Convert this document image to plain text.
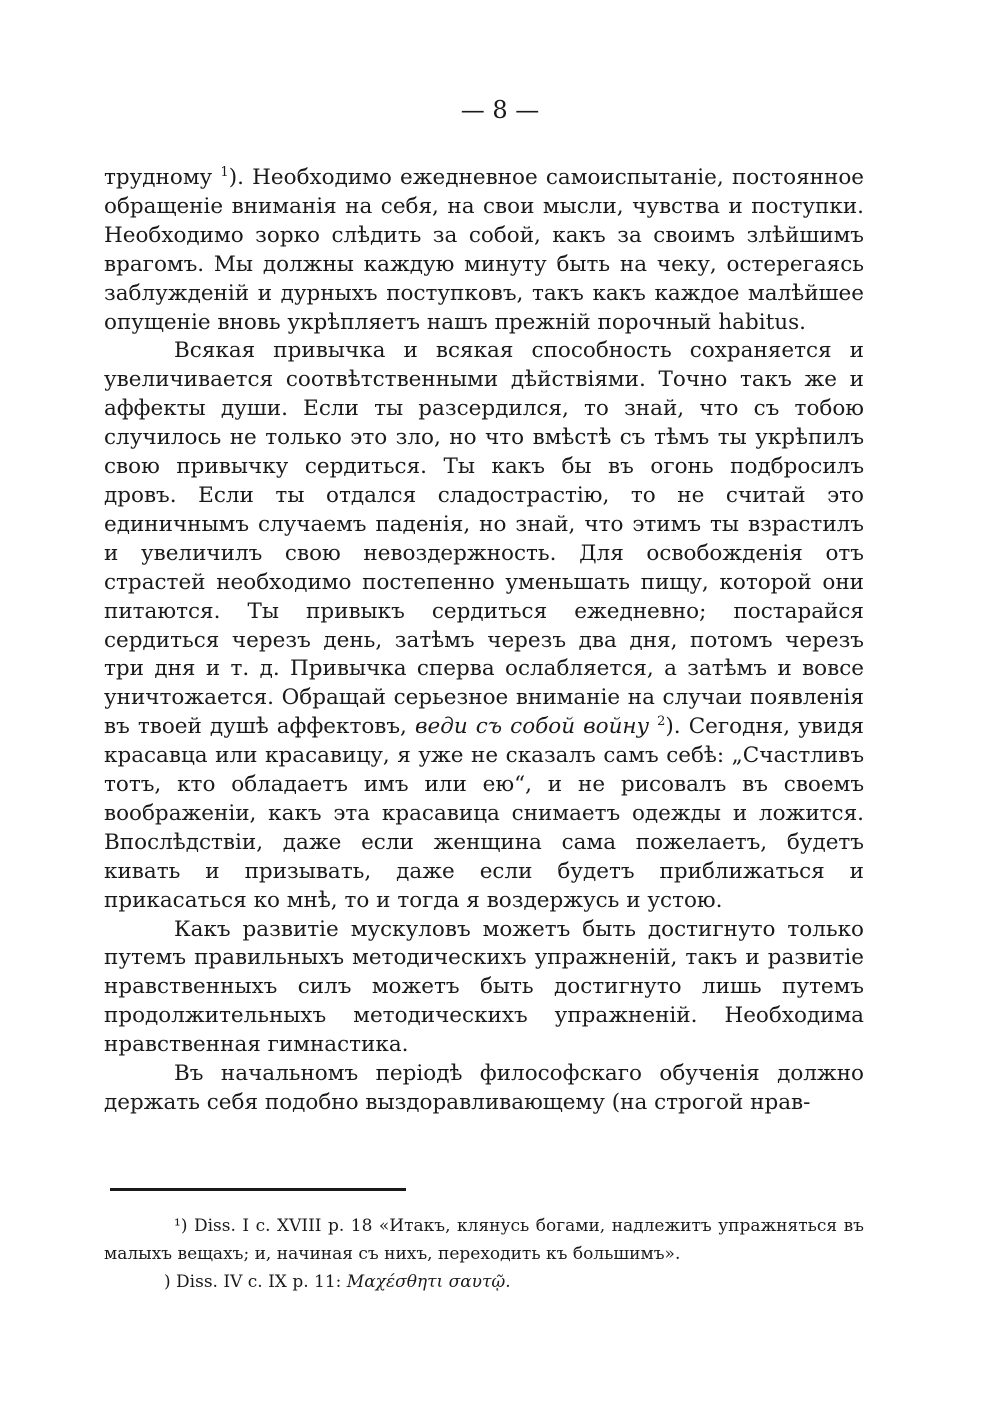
— 8 —

трудному $^1$). Необходимо ежедневное самоиспытаніе, постоянное обращеніе вниманія на себя, на свои мысли, чувства и поступки. Необходимо зорко слѣдить за собой, какъ за своимъ злѣйшимъ врагомъ. Мы должны каждую минуту быть на чеку, остерегаясь заблужденій и дурныхъ поступковъ, такъ какъ каждое малѣйшее опущеніе вновь укрѣпляетъ нашъ прежній порочный habitus.

Всякая привычка и всякая способность сохраняется и увеличивается соотвѣтственными дѣйствіями. Точно такъ же и аффекты души. Если ты разсердился, то знай, что съ тобою случилось не только это зло, но что вмѣстѣ съ тѣмъ ты укрѣпилъ свою привычку сердиться. Ты какъ бы въ огонь подбросилъ дровъ. Если ты отдался сладострастію, то не считай это единичнымъ случаемъ паденія, но знай, что этимъ ты взрастилъ и увеличилъ свою невоздержность. Для освобожденія отъ страстей необходимо постепенно уменьшать пищу, которой они питаются. Ты привыкъ сердиться ежедневно; постарайся сердиться черезъ день, затѣмъ черезъ два дня, потомъ черезъ три дня и т. д. Привычка сперва ослабляется, а затѣмъ и вовсе уничтожается. Обращай серьезное вниманіе на случаи появленія въ твоей душѣ аффектовъ, веди съ собой войну $^2$). Сегодня, увидя красавца или красавицу, я уже не сказалъ самъ себѣ: „Счастливъ тотъ, кто обладаетъ имъ или ею“, и не рисовалъ въ своемъ воображеніи, какъ эта красавица снимаетъ одежды и ложится. Впослѣдствіи, даже если женщина сама пожелаетъ, будетъ кивать и призывать, даже если будетъ приближаться и прикасаться ко мнѣ, то и тогда я воздержусь и устою.

Какъ развитіе мускуловъ можетъ быть достигнуто только путемъ правильныхъ методическихъ упражненій, такъ и развитіе нравственныхъ силъ можетъ быть достигнуто лишь путемъ продолжительныхъ методическихъ упражненій. Необходима нравственная гимнастика.

Въ начальномъ періодѣ философскаго обученія должно держать себя подобно выздоравливающему (на строгой нрав-

¹) Diss. I c. XVIII p. 18 «Итакъ, клянусь богами, надлежитъ упражняться въ малыхъ вещахъ; и, начиная съ нихъ, переходить къ большимъ».

) Diss. IV c. IX p. 11: Μαχέσθητι σαυτῷ.
